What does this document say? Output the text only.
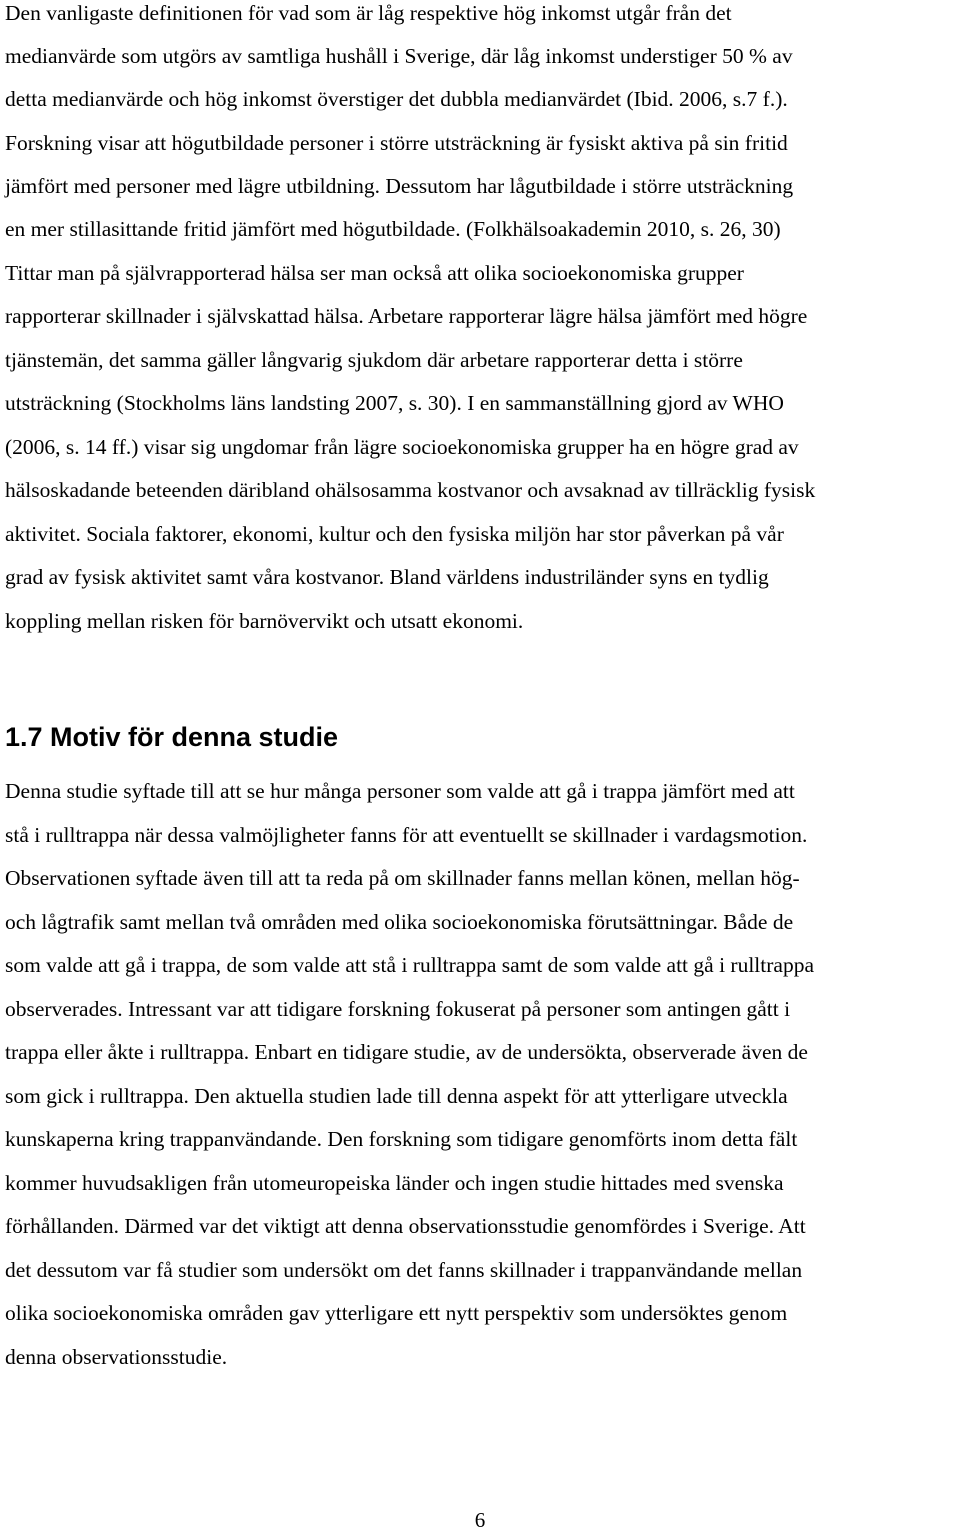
Den vanligaste definitionen för vad som är låg respektive hög inkomst utgår från det
medianvärde som utgörs av samtliga hushåll i Sverige, där låg inkomst understiger 50 % av
detta medianvärde och hög inkomst överstiger det dubbla medianvärdet (Ibid. 2006, s.7 f.).
Forskning visar att högutbildade personer i större utsträckning är fysiskt aktiva på sin fritid
jämfört med personer med lägre utbildning. Dessutom har lågutbildade i större utsträckning
en mer stillasittande fritid jämfört med högutbildade. (Folkhälsoakademin 2010, s. 26, 30)
Tittar man på självrapporterad hälsa ser man också att olika socioekonomiska grupper
rapporterar skillnader i självskattad hälsa. Arbetare rapporterar lägre hälsa jämfört med högre
tjänstemän, det samma gäller långvarig sjukdom där arbetare rapporterar detta i större
utsträckning (Stockholms läns landsting 2007, s. 30). I en sammanställning gjord av WHO
(2006, s. 14 ff.) visar sig ungdomar från lägre socioekonomiska grupper ha en högre grad av
hälsoskadande beteenden däribland ohälsosamma kostvanor och avsaknad av tillräcklig fysisk
aktivitet. Sociala faktorer, ekonomi, kultur och den fysiska miljön har stor påverkan på vår
grad av fysisk aktivitet samt våra kostvanor. Bland världens industriländer syns en tydlig
koppling mellan risken för barnövervikt och utsatt ekonomi.
1.7 Motiv för denna studie
Denna studie syftade till att se hur många personer som valde att gå i trappa jämfört med att
stå i rulltrappa när dessa valmöjligheter fanns för att eventuellt se skillnader i vardagsmotion.
Observationen syftade även till att ta reda på om skillnader fanns mellan könen, mellan hög-
och lågtrafik samt mellan två områden med olika socioekonomiska förutsättningar. Både de
som valde att gå i trappa, de som valde att stå i rulltrappa samt de som valde att gå i rulltrappa
observerades. Intressant var att tidigare forskning fokuserat på personer som antingen gått i
trappa eller åkte i rulltrappa. Enbart en tidigare studie, av de undersökta, observerade även de
som gick i rulltrappa. Den aktuella studien lade till denna aspekt för att ytterligare utveckla
kunskaperna kring trappanvändande. Den forskning som tidigare genomförts inom detta fält
kommer huvudsakligen från utomeuropeiska länder och ingen studie hittades med svenska
förhållanden. Därmed var det viktigt att denna observationsstudie genomfördes i Sverige. Att
det dessutom var få studier som undersökt om det fanns skillnader i trappanvändande mellan
olika socioekonomiska områden gav ytterligare ett nytt perspektiv som undersöktes genom
denna observationsstudie.
6
